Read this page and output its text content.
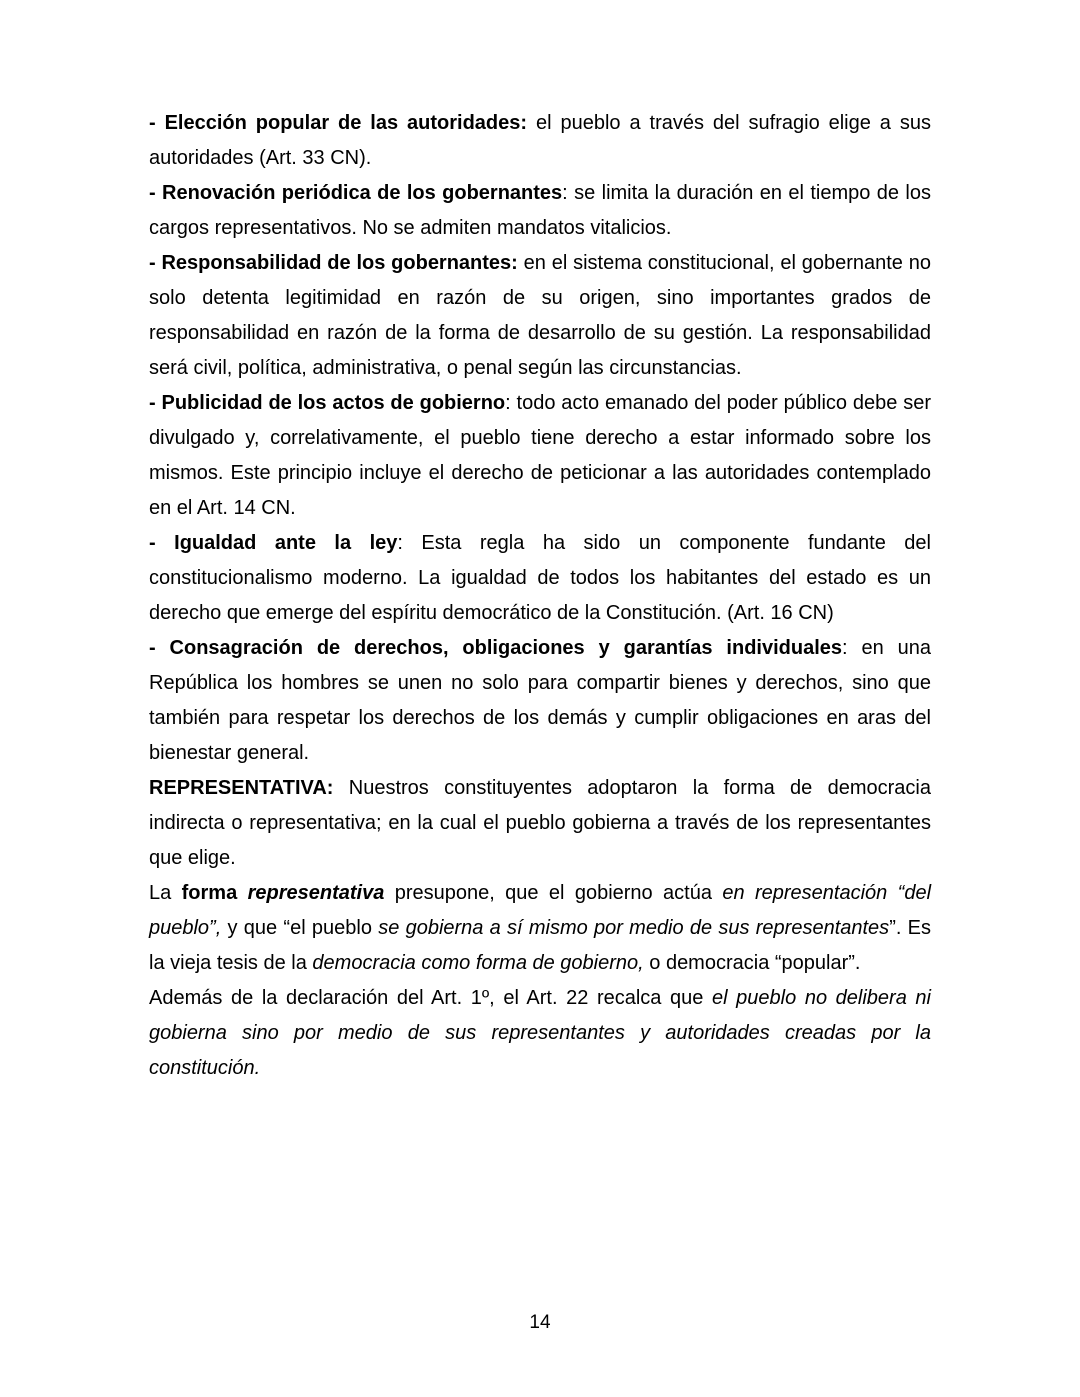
- Elección popular de las autoridades: el pueblo a través del sufragio elige a sus autoridades (Art. 33 CN).

- Renovación periódica de los gobernantes: se limita la duración en el tiempo de los cargos representativos. No se admiten mandatos vitalicios.

- Responsabilidad de los gobernantes: en el sistema constitucional, el gobernante no solo detenta legitimidad en razón de su origen, sino importantes grados de responsabilidad en razón de la forma de desarrollo de su gestión. La responsabilidad será civil, política, administrativa, o penal según las circunstancias.

- Publicidad de los actos de gobierno: todo acto emanado del poder público debe ser divulgado y, correlativamente, el pueblo tiene derecho a estar informado sobre los mismos. Este principio incluye el derecho de peticionar a las autoridades contemplado en el Art. 14 CN.

- Igualdad ante la ley: Esta regla ha sido un componente fundante del constitucionalismo moderno. La igualdad de todos los habitantes del estado es un derecho que emerge del espíritu democrático de la Constitución. (Art. 16 CN)

- Consagración de derechos, obligaciones y garantías individuales: en una República los hombres se unen no solo para compartir bienes y derechos, sino que también para respetar los derechos de los demás y cumplir obligaciones en aras del bienestar general.

REPRESENTATIVA: Nuestros constituyentes adoptaron la forma de democracia indirecta o representativa; en la cual el pueblo gobierna a través de los representantes que elige.

La forma representativa presupone, que el gobierno actúa en representación “del pueblo”, y que “el pueblo se gobierna a sí mismo por medio de sus representantes”. Es la vieja tesis de la democracia como forma de gobierno, o democracia “popular”.

Además de la declaración del Art. 1º, el Art. 22 recalca que el pueblo no delibera ni gobierna sino por medio de sus representantes y autoridades creadas por la constitución.

14
